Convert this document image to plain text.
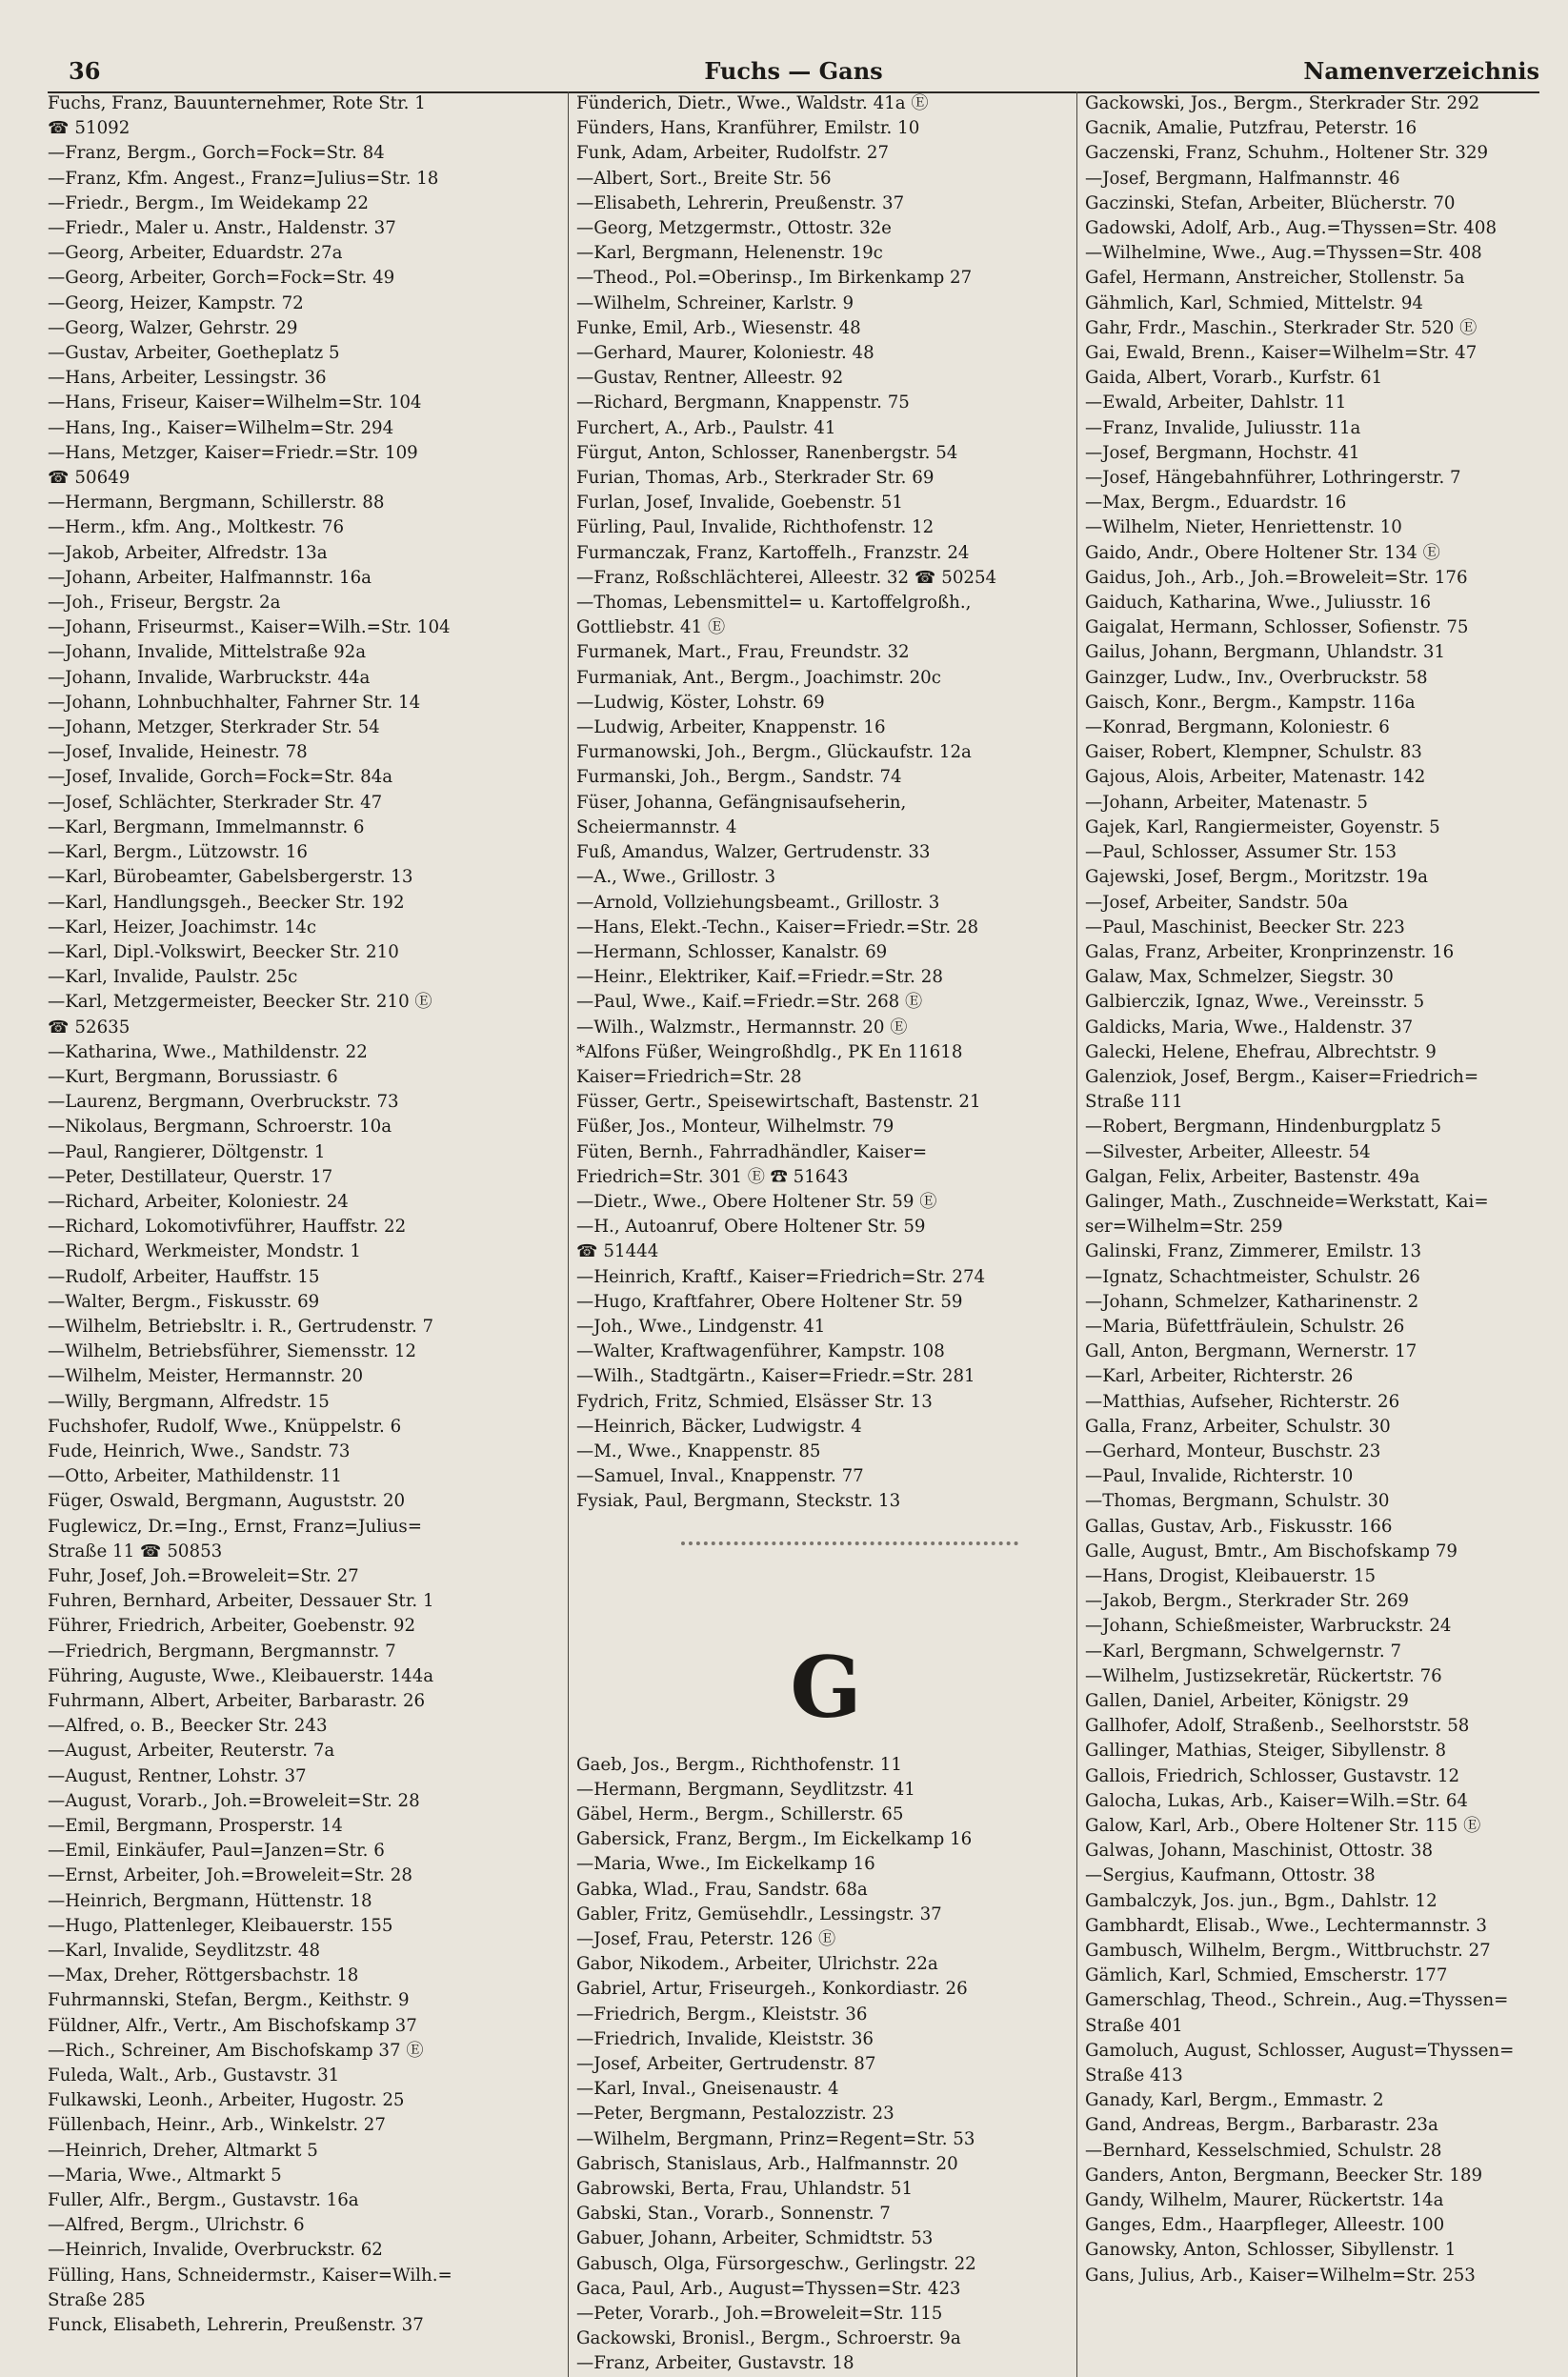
36	Fuchs — Gans	Namenverzeichnis
Fuchs, Franz, Bauunternehmer, Rote Str. 1
☎ 51092
—Franz, Bergm., Gorch=Fock=Str. 84
—Franz, Kfm. Angest., Franz=Julius=Str. 18
—Friedr., Bergm., Im Weidekamp 22
—Friedr., Maler u. Anstr., Haldenstr. 37
—Georg, Arbeiter, Eduardstr. 27a
—Georg, Arbeiter, Gorch=Fock=Str. 49
—Georg, Heizer, Kampstr. 72
—Georg, Walzer, Gehrstr. 29
—Gustav, Arbeiter, Goetheplatz 5
—Hans, Arbeiter, Lessingstr. 36
—Hans, Friseur, Kaiser=Wilhelm=Str. 104
—Hans, Ing., Kaiser=Wilhelm=Str. 294
—Hans, Metzger, Kaiser=Friedr.=Str. 109
☎ 50649
—Hermann, Bergmann, Schillerstr. 88
—Herm., kfm. Ang., Moltkestr. 76
—Jakob, Arbeiter, Alfredstr. 13a
—Johann, Arbeiter, Halfmannstr. 16a
—Joh., Friseur, Bergstr. 2a
—Johann, Friseurmst., Kaiser=Wilh.=Str. 104
—Johann, Invalide, Mittelstraße 92a
—Johann, Invalide, Warbruckstr. 44a
—Johann, Lohnbuchhalter, Fahrner Str. 14
—Johann, Metzger, Sterkrader Str. 54
—Josef, Invalide, Heinestr. 78
—Josef, Invalide, Gorch=Fock=Str. 84a
—Josef, Schlächter, Sterkrader Str. 47
—Karl, Bergmann, Immelmannstr. 6
—Karl, Bergm., Lützowstr. 16
—Karl, Bürobeamter, Gabelsbergerstr. 13
—Karl, Handlungsgeh., Beecker Str. 192
—Karl, Heizer, Joachimstr. 14c
—Karl, Dipl.-Volkswirt, Beecker Str. 210
—Karl, Invalide, Paulstr. 25c
—Karl, Metzgermeister, Beecker Str. 210 Ⓔ
☎ 52635
—Katharina, Wwe., Mathildenstr. 22
—Kurt, Bergmann, Borussiastr. 6
—Laurenz, Bergmann, Overbruckstr. 73
—Nikolaus, Bergmann, Schroerstr. 10a
—Paul, Rangierer, Döltgenstr. 1
—Peter, Destillateur, Querstr. 17
—Richard, Arbeiter, Koloniestr. 24
—Richard, Lokomotivführer, Hauffstr. 22
—Richard, Werkmeister, Mondstr. 1
—Rudolf, Arbeiter, Hauffstr. 15
—Walter, Bergm., Fiskusstr. 69
—Wilhelm, Betriebsltr. i. R., Gertrudenstr. 7
—Wilhelm, Betriebsführer, Siemensstr. 12
—Wilhelm, Meister, Hermannstr. 20
—Willy, Bergmann, Alfredstr. 15
Fuchshofer, Rudolf, Wwe., Knüppelstr. 6
Fude, Heinrich, Wwe., Sandstr. 73
—Otto, Arbeiter, Mathildenstr. 11
Füger, Oswald, Bergmann, Auguststr. 20
Fuglewicz, Dr.=Ing., Ernst, Franz=Julius=
Straße 11 ☎ 50853
Fuhr, Josef, Joh.=Broweleit=Str. 27
Fuhren, Bernhard, Arbeiter, Dessauer Str. 1
Führer, Friedrich, Arbeiter, Goebenstr. 92
—Friedrich, Bergmann, Bergmannstr. 7
Führing, Auguste, Wwe., Kleibauerstr. 144a
Fuhrmann, Albert, Arbeiter, Barbarastr. 26
—Alfred, o. B., Beecker Str. 243
—August, Arbeiter, Reuterstr. 7a
—August, Rentner, Lohstr. 37
—August, Vorarb., Joh.=Broweleit=Str. 28
—Emil, Bergmann, Prosperstr. 14
—Emil, Einkäufer, Paul=Janzen=Str. 6
—Ernst, Arbeiter, Joh.=Broweleit=Str. 28
—Heinrich, Bergmann, Hüttenstr. 18
—Hugo, Plattenleger, Kleibauerstr. 155
—Karl, Invalide, Seydlitzstr. 48
—Max, Dreher, Röttgersbachstr. 18
Fuhrmannski, Stefan, Bergm., Keithstr. 9
Füldner, Alfr., Vertr., Am Bischofskamp 37
—Rich., Schreiner, Am Bischofskamp 37 Ⓔ
Fuleda, Walt., Arb., Gustavstr. 31
Fulkawski, Leonh., Arbeiter, Hugostr. 25
Füllenbach, Heinr., Arb., Winkelstr. 27
—Heinrich, Dreher, Altmarkt 5
—Maria, Wwe., Altmarkt 5
Fuller, Alfr., Bergm., Gustavstr. 16a
—Alfred, Bergm., Ulrichstr. 6
—Heinrich, Invalide, Overbruckstr. 62
Fülling, Hans, Schneidermstr., Kaiser=Wilh.=
Straße 285
Funck, Elisabeth, Lehrerin, Preußenstr. 37
Fünderich, Dietr., Wwe., Waldstr. 41a Ⓔ
Fünders, Hans, Kranführer, Emilstr. 10
Funk, Adam, Arbeiter, Rudolfstr. 27
—Albert, Sort., Breite Str. 56
—Elisabeth, Lehrerin, Preußenstr. 37
—Georg, Metzgermstr., Ottostr. 32e
—Karl, Bergmann, Helenenstr. 19c
—Theod., Pol.=Oberinsp., Im Birkenkamp 27
—Wilhelm, Schreiner, Karlstr. 9
Funke, Emil, Arb., Wiesenstr. 48
—Gerhard, Maurer, Koloniestr. 48
—Gustav, Rentner, Alleestr. 92
—Richard, Bergmann, Knappenstr. 75
Furchert, A., Arb., Paulstr. 41
Fürgut, Anton, Schlosser, Ranenbergstr. 54
Furian, Thomas, Arb., Sterkrader Str. 69
Furlan, Josef, Invalide, Goebenstr. 51
Fürling, Paul, Invalide, Richthofenstr. 12
Furmanczak, Franz, Kartoffelh., Franzstr. 24
—Franz, Roßschlächterei, Alleestr. 32 ☎ 50254
—Thomas, Lebensmittel= u. Kartoffelgroßh.,
Gottliebstr. 41 Ⓔ
Furmanek, Mart., Frau, Freundstr. 32
Furmaniak, Ant., Bergm., Joachimstr. 20c
—Ludwig, Köster, Lohstr. 69
—Ludwig, Arbeiter, Knappenstr. 16
Furmanowski, Joh., Bergm., Glückaufstr. 12a
Furmanski, Joh., Bergm., Sandstr. 74
Füser, Johanna, Gefängnisaufseherin,
Scheiermannstr. 4
Fuß, Amandus, Walzer, Gertrudenstr. 33
—A., Wwe., Grillostr. 3
—Arnold, Vollziehungsbeamt., Grillostr. 3
—Hans, Elekt.-Techn., Kaiser=Friedr.=Str. 28
—Hermann, Schlosser, Kanalstr. 69
—Heinr., Elektriker, Kaif.=Friedr.=Str. 28
—Paul, Wwe., Kaif.=Friedr.=Str. 268 Ⓔ
—Wilh., Walzmstr., Hermannstr. 20 Ⓔ
*Alfons Füßer, Weingroßhdlg., PK En 11618
Kaiser=Friedrich=Str. 28
Füsser, Gertr., Speisewirtschaft, Bastenstr. 21
Füßer, Jos., Monteur, Wilhelmstr. 79
Füten, Bernh., Fahrradhändler, Kaiser=
Friedrich=Str. 301 Ⓔ ☎ 51643
—Dietr., Wwe., Obere Holtener Str. 59 Ⓔ
—H., Autoanruf, Obere Holtener Str. 59
☎ 51444
—Heinrich, Kraftf., Kaiser=Friedrich=Str. 274
—Hugo, Kraftfahrer, Obere Holtener Str. 59
—Joh., Wwe., Lindgenstr. 41
—Walter, Kraftwagenführer, Kampstr. 108
—Wilh., Stadtgärtn., Kaiser=Friedr.=Str. 281
Fydrich, Fritz, Schmied, Elsässer Str. 13
—Heinrich, Bäcker, Ludwigstr. 4
—M., Wwe., Knappenstr. 85
—Samuel, Inval., Knappenstr. 77
Fysiak, Paul, Bergmann, Steckstr. 13
G
Gaeb, Jos., Bergm., Richthofenstr. 11
—Hermann, Bergmann, Seydlitzstr. 41
Gäbel, Herm., Bergm., Schillerstr. 65
Gabersick, Franz, Bergm., Im Eickelkamp 16
—Maria, Wwe., Im Eickelkamp 16
Gabka, Wlad., Frau, Sandstr. 68a
Gabler, Fritz, Gemüsehdlr., Lessingstr. 37
—Josef, Frau, Peterstr. 126 Ⓔ
Gabor, Nikodem., Arbeiter, Ulrichstr. 22a
Gabriel, Artur, Friseurgeh., Konkordiastr. 26
—Friedrich, Bergm., Kleiststr. 36
—Friedrich, Invalide, Kleiststr. 36
—Josef, Arbeiter, Gertrudenstr. 87
—Karl, Inval., Gneisenaustr. 4
—Peter, Bergmann, Pestalozzistr. 23
—Wilhelm, Bergmann, Prinz=Regent=Str. 53
Gabrisch, Stanislaus, Arb., Halfmannstr. 20
Gabrowski, Berta, Frau, Uhlandstr. 51
Gabski, Stan., Vorarb., Sonnenstr. 7
Gabuer, Johann, Arbeiter, Schmidtstr. 53
Gabusch, Olga, Fürsorgeschw., Gerlingstr. 22
Gaca, Paul, Arb., August=Thyssen=Str. 423
—Peter, Vorarb., Joh.=Broweleit=Str. 115
Gackowski, Bronisl., Bergm., Schroerstr. 9a
—Franz, Arbeiter, Gustavstr. 18
Gackowski, Jos., Bergm., Sterkrader Str. 292
Gacnik, Amalie, Putzfrau, Peterstr. 16
Gaczenski, Franz, Schuhm., Holtener Str. 329
—Josef, Bergmann, Halfmannstr. 46
Gaczinski, Stefan, Arbeiter, Blücherstr. 70
Gadowski, Adolf, Arb., Aug.=Thyssen=Str. 408
—Wilhelmine, Wwe., Aug.=Thyssen=Str. 408
Gafel, Hermann, Anstreicher, Stollenstr. 5a
Gähmlich, Karl, Schmied, Mittelstr. 94
Gahr, Frdr., Maschin., Sterkrader Str. 520 Ⓔ
Gai, Ewald, Brenn., Kaiser=Wilhelm=Str. 47
Gaida, Albert, Vorarb., Kurfstr. 61
—Ewald, Arbeiter, Dahlstr. 11
—Franz, Invalide, Juliusstr. 11a
—Josef, Bergmann, Hochstr. 41
—Josef, Hängebahnführer, Lothringerstr. 7
—Max, Bergm., Eduardstr. 16
—Wilhelm, Nieter, Henriettenstr. 10
Gaido, Andr., Obere Holtener Str. 134 Ⓔ
Gaidus, Joh., Arb., Joh.=Broweleit=Str. 176
Gaiduch, Katharina, Wwe., Juliusstr. 16
Gaigalat, Hermann, Schlosser, Sofienstr. 75
Gailus, Johann, Bergmann, Uhlandstr. 31
Gainzger, Ludw., Inv., Overbruckstr. 58
Gaisch, Konr., Bergm., Kampstr. 116a
—Konrad, Bergmann, Koloniestr. 6
Gaiser, Robert, Klempner, Schulstr. 83
Gajous, Alois, Arbeiter, Matenastr. 142
—Johann, Arbeiter, Matenastr. 5
Gajek, Karl, Rangiermeister, Goyenstr. 5
—Paul, Schlosser, Assumer Str. 153
Gajewski, Josef, Bergm., Moritzstr. 19a
—Josef, Arbeiter, Sandstr. 50a
—Paul, Maschinist, Beecker Str. 223
Galas, Franz, Arbeiter, Kronprinzenstr. 16
Galaw, Max, Schmelzer, Siegstr. 30
Galbierczik, Ignaz, Wwe., Vereinsstr. 5
Galdicks, Maria, Wwe., Haldenstr. 37
Galecki, Helene, Ehefrau, Albrechtstr. 9
Galenziok, Josef, Bergm., Kaiser=Friedrich=
Straße 111
—Robert, Bergmann, Hindenburgplatz 5
—Silvester, Arbeiter, Alleestr. 54
Galgan, Felix, Arbeiter, Bastenstr. 49a
Galinger, Math., Zuschneide=Werkstatt, Kai=
ser=Wilhelm=Str. 259
Galinski, Franz, Zimmerer, Emilstr. 13
—Ignatz, Schachtmeister, Schulstr. 26
—Johann, Schmelzer, Katharinenstr. 2
—Maria, Büfettfräulein, Schulstr. 26
Gall, Anton, Bergmann, Wernerstr. 17
—Karl, Arbeiter, Richterstr. 26
—Matthias, Aufseher, Richterstr. 26
Galla, Franz, Arbeiter, Schulstr. 30
—Gerhard, Monteur, Buschstr. 23
—Paul, Invalide, Richterstr. 10
—Thomas, Bergmann, Schulstr. 30
Gallas, Gustav, Arb., Fiskusstr. 166
Galle, August, Bmtr., Am Bischofskamp 79
—Hans, Drogist, Kleibauerstr. 15
—Jakob, Bergm., Sterkrader Str. 269
—Johann, Schießmeister, Warbruckstr. 24
—Karl, Bergmann, Schwelgernstr. 7
—Wilhelm, Justizsekretär, Rückertstr. 76
Gallen, Daniel, Arbeiter, Königstr. 29
Gallhofer, Adolf, Straßenb., Seelhorststr. 58
Gallinger, Mathias, Steiger, Sibyllenstr. 8
Gallois, Friedrich, Schlosser, Gustavstr. 12
Galocha, Lukas, Arb., Kaiser=Wilh.=Str. 64
Galow, Karl, Arb., Obere Holtener Str. 115 Ⓔ
Galwas, Johann, Maschinist, Ottostr. 38
—Sergius, Kaufmann, Ottostr. 38
Gambalczyk, Jos. jun., Bgm., Dahlstr. 12
Gambhardt, Elisab., Wwe., Lechtermannstr. 3
Gambusch, Wilhelm, Bergm., Wittbruchstr. 27
Gämlich, Karl, Schmied, Emscherstr. 177
Gamerschlag, Theod., Schrein., Aug.=Thyssen=
Straße 401
Gamoluch, August, Schlosser, August=Thyssen=
Straße 413
Ganady, Karl, Bergm., Emmastr. 2
Gand, Andreas, Bergm., Barbarastr. 23a
—Bernhard, Kesselschmied, Schulstr. 28
Ganders, Anton, Bergmann, Beecker Str. 189
Gandy, Wilhelm, Maurer, Rückertstr. 14a
Ganges, Edm., Haarpfleger, Alleestr. 100
Ganowsky, Anton, Schlosser, Sibyllenstr. 1
Gans, Julius, Arb., Kaiser=Wilhelm=Str. 253
